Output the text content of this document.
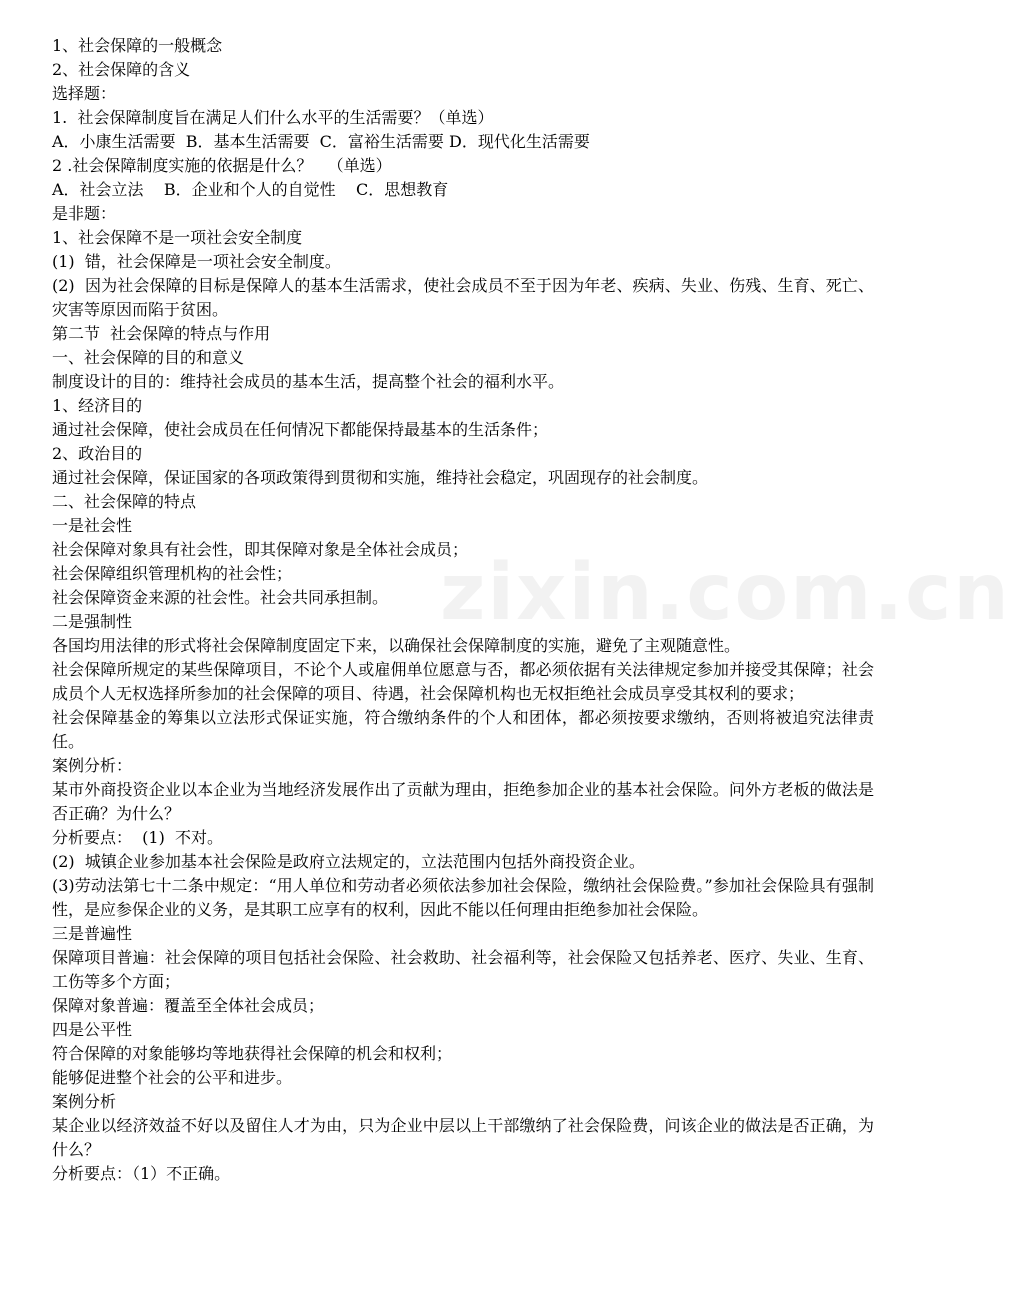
1、社会保障的一般概念
2、社会保障的含义
选择题：
1.  社会保障制度旨在满足人们什么水平的生活需要？（单选）
A．小康生活需要  B．基本生活需要  C．富裕生活需要 D．现代化生活需要
2 .社会保障制度实施的依据是什么？   （单选）
A．社会立法    B．企业和个人的自觉性    C．思想教育
是非题：
1、社会保障不是一项社会安全制度
(1)  错，社会保障是一项社会安全制度。
(2)  因为社会保障的目标是保障人的基本生活需求，使社会成员不至于因为年老、疾病、失业、伤残、生育、死亡、灾害等原因而陷于贫困。
第二节  社会保障的特点与作用
一、社会保障的目的和意义
制度设计的目的：维持社会成员的基本生活，提高整个社会的福利水平。
1、经济目的
通过社会保障，使社会成员在任何情况下都能保持最基本的生活条件；
2、政治目的
通过社会保障，保证国家的各项政策得到贯彻和实施，维持社会稳定，巩固现存的社会制度。
二、社会保障的特点
一是社会性
社会保障对象具有社会性，即其保障对象是全体社会成员；
社会保障组织管理机构的社会性；
社会保障资金来源的社会性。社会共同承担制。
二是强制性
各国均用法律的形式将社会保障制度固定下来，以确保社会保障制度的实施，避免了主观随意性。
社会保障所规定的某些保障项目，不论个人或雇佣单位愿意与否，都必须依据有关法律规定参加并接受其保障；社会成员个人无权选择所参加的社会保障的项目、待遇，社会保障机构也无权拒绝社会成员享受其权利的要求；
社会保障基金的筹集以立法形式保证实施，符合缴纳条件的个人和团体，都必须按要求缴纳，否则将被追究法律责任。
案例分析：
某市外商投资企业以本企业为当地经济发展作出了贡献为理由，拒绝参加企业的基本社会保险。问外方老板的做法是否正确？为什么？
分析要点：  (1)  不对。
(2)  城镇企业参加基本社会保险是政府立法规定的，立法范围内包括外商投资企业。
(3)劳动法第七十二条中规定：“用人单位和劳动者必须依法参加社会保险，缴纳社会保险费。”参加社会保险具有强制性，是应参保企业的义务，是其职工应享有的权利，因此不能以任何理由拒绝参加社会保险。
三是普遍性
保障项目普遍：社会保障的项目包括社会保险、社会救助、社会福利等，社会保险又包括养老、医疗、失业、生育、工伤等多个方面；
保障对象普遍：覆盖至全体社会成员；
四是公平性
符合保障的对象能够均等地获得社会保障的机会和权利；
能够促进整个社会的公平和进步。
案例分析
某企业以经济效益不好以及留住人才为由，只为企业中层以上干部缴纳了社会保险费，问该企业的做法是否正确，为什么？
分析要点：（1）不正确。
zixin.com.cn
